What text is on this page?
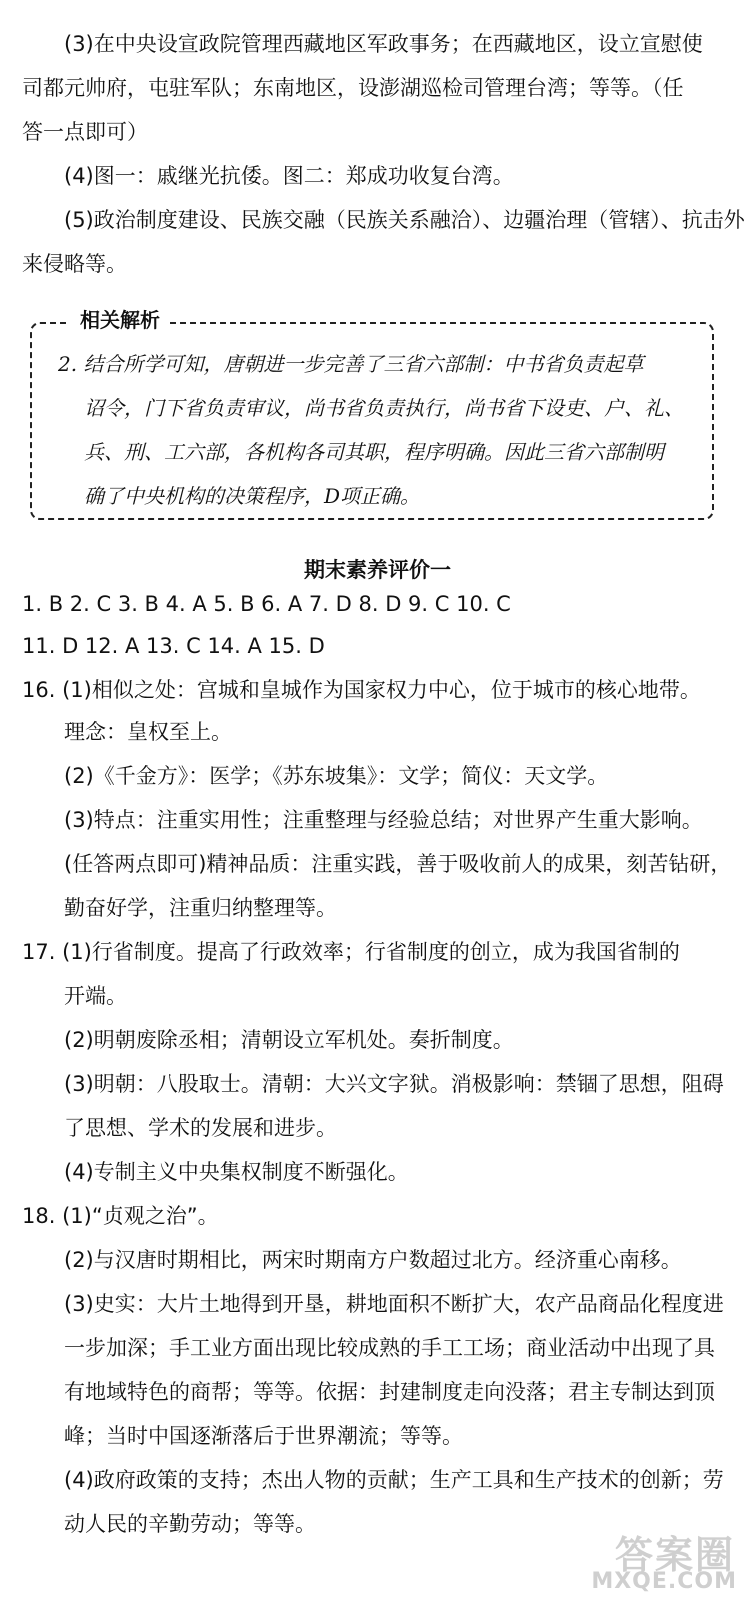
(3)在中央设宣政院管理西藏地区军政事务；在西藏地区，设立宣慰使
司都元帅府，屯驻军队；东南地区，设澎湖巡检司管理台湾；等等。（任
答一点即可）
(4)图一：戚继光抗倭。图二：郑成功收复台湾。
(5)政治制度建设、民族交融（民族关系融洽）、边疆治理（管辖）、抗击外
来侵略等。
相关解析
2. 结合所学可知，唐朝进一步完善了三省六部制：中书省负责起草
诏令，门下省负责审议，尚书省负责执行，尚书省下设吏、户、礼、
兵、刑、工六部，各机构各司其职，程序明确。因此三省六部制明
确了中央机构的决策程序，D项正确。
期末素养评价一
1. B 2. C 3. B 4. A 5. B 6. A 7. D 8. D 9. C 10. C
11. D 12. A 13. C 14. A 15. D
16. (1)相似之处：宫城和皇城作为国家权力中心，位于城市的核心地带。
理念：皇权至上。
(2)《千金方》：医学；《苏东坡集》：文学；简仪：天文学。
(3)特点：注重实用性；注重整理与经验总结；对世界产生重大影响。
(任答两点即可)精神品质：注重实践，善于吸收前人的成果，刻苦钻研，
勤奋好学，注重归纳整理等。
17. (1)行省制度。提高了行政效率；行省制度的创立，成为我国省制的
开端。
(2)明朝废除丞相；清朝设立军机处。奏折制度。
(3)明朝：八股取士。清朝：大兴文字狱。消极影响：禁锢了思想，阻碍
了思想、学术的发展和进步。
(4)专制主义中央集权制度不断强化。
18. (1)“贞观之治”。
(2)与汉唐时期相比，两宋时期南方户数超过北方。经济重心南移。
(3)史实：大片土地得到开垦，耕地面积不断扩大，农产品商品化程度进
一步加深；手工业方面出现比较成熟的手工工场；商业活动中出现了具
有地域特色的商帮；等等。依据：封建制度走向没落；君主专制达到顶
峰；当时中国逐渐落后于世界潮流；等等。
(4)政府政策的支持；杰出人物的贡献；生产工具和生产技术的创新；劳
动人民的辛勤劳动；等等。
答案圈
MXQE.COM
